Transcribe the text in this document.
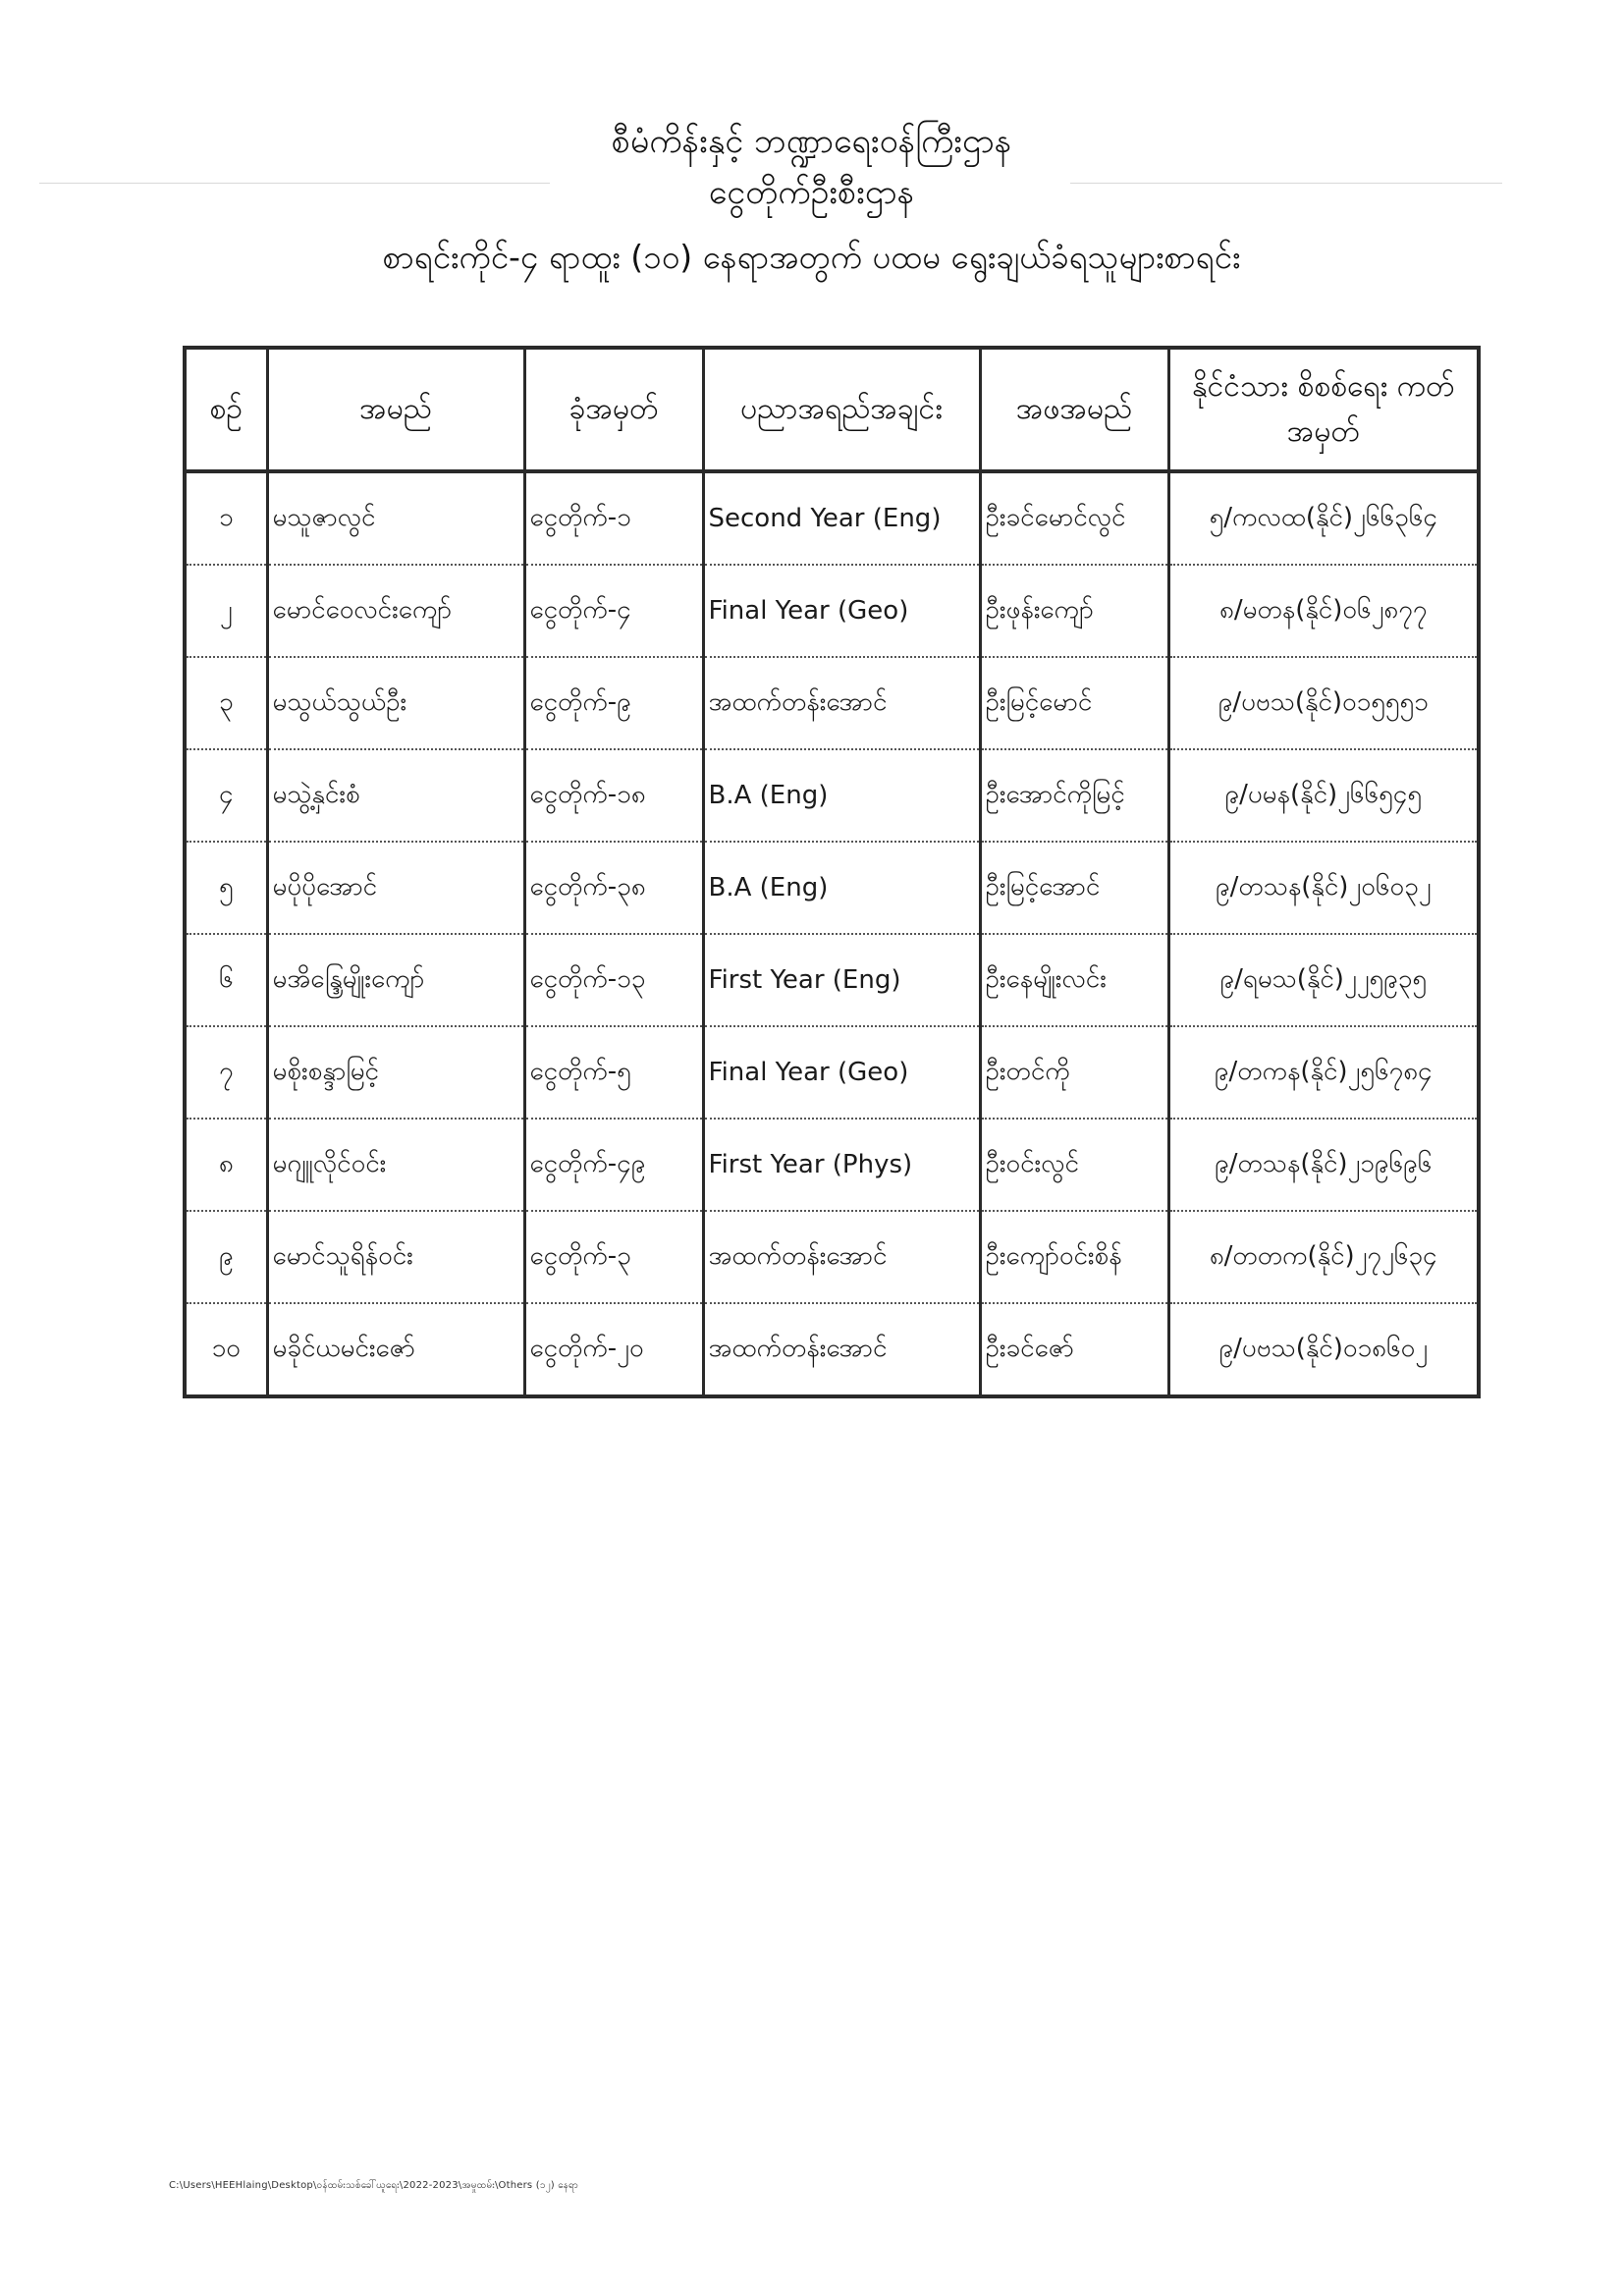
စီမံကိန်းနှင့် ဘဏ္ဍာရေးဝန်ကြီးဌာန
ငွေတိုက်ဦးစီးဌာန
စာရင်းကိုင်-၄ ရာထူး (၁၀) နေရာအတွက် ပထမ ရွေးချယ်ခံရသူများစာရင်း
စဉ်	အမည်	ခုံအမှတ်	ပညာအရည်အချင်း	အဖအမည်	နိုင်ငံသား စိစစ်ရေး ကတ်အမှတ်
၁	မသူဇာလွင်	ငွေတိုက်-၁	Second Year (Eng)	ဦးခင်မောင်လွင်	၅/ကလထ(နိုင်)၂၆၆၃၆၄
၂	မောင်ဝေလင်းကျော်	ငွေတိုက်-၄	Final Year (Geo)	ဦးဖုန်းကျော်	၈/မတန(နိုင်)၀၆၂၈၇၇
၃	မသွယ်သွယ်ဦး	ငွေတိုက်-၉	အထက်တန်းအောင်	ဦးမြင့်မောင်	၉/ပဗသ(နိုင်)၀၁၅၅၅၁
၄	မသွဲ့နှင်းစံ	ငွေတိုက်-၁၈	B.A (Eng)	ဦးအောင်ကိုမြင့်	၉/ပမန(နိုင်)၂၆၆၅၄၅
၅	မပိုပိုအောင်	ငွေတိုက်-၃၈	B.A (Eng)	ဦးမြင့်အောင်	၉/တသန(နိုင်)၂၀၆၀၃၂
၆	မအိန္ဒြေမျိုးကျော်	ငွေတိုက်-၁၃	First Year (Eng)	ဦးနေမျိုးလင်း	၉/ရမသ(နိုင်)၂၂၅၉၃၅
၇	မစိုးစန္ဒာမြင့်	ငွေတိုက်-၅	Final Year (Geo)	ဦးတင်ကို	၉/တကန(နိုင်)၂၅၆၇၈၄
၈	မဂျူလိုင်ဝင်း	ငွေတိုက်-၄၉	First Year (Phys)	ဦးဝင်းလွင်	၉/တသန(နိုင်)၂၁၉၆၉၆
၉	မောင်သူရိန်ဝင်း	ငွေတိုက်-၃	အထက်တန်းအောင်	ဦးကျော်ဝင်းစိန်	၈/တတက(နိုင်)၂၇၂၆၃၄
၁၀	မခိုင်ယမင်းဇော်	ငွေတိုက်-၂၀	အထက်တန်းအောင်	ဦးခင်ဇော်	၉/ပဗသ(နိုင်)၀၁၈၆၀၂
C:\Users\HEEHlaing\Desktop\ဝန်ထမ်းသစ်ခေါ်ယူရေး\2022-2023\အမှုထမ်း\Others (၁၂) နေရာ
